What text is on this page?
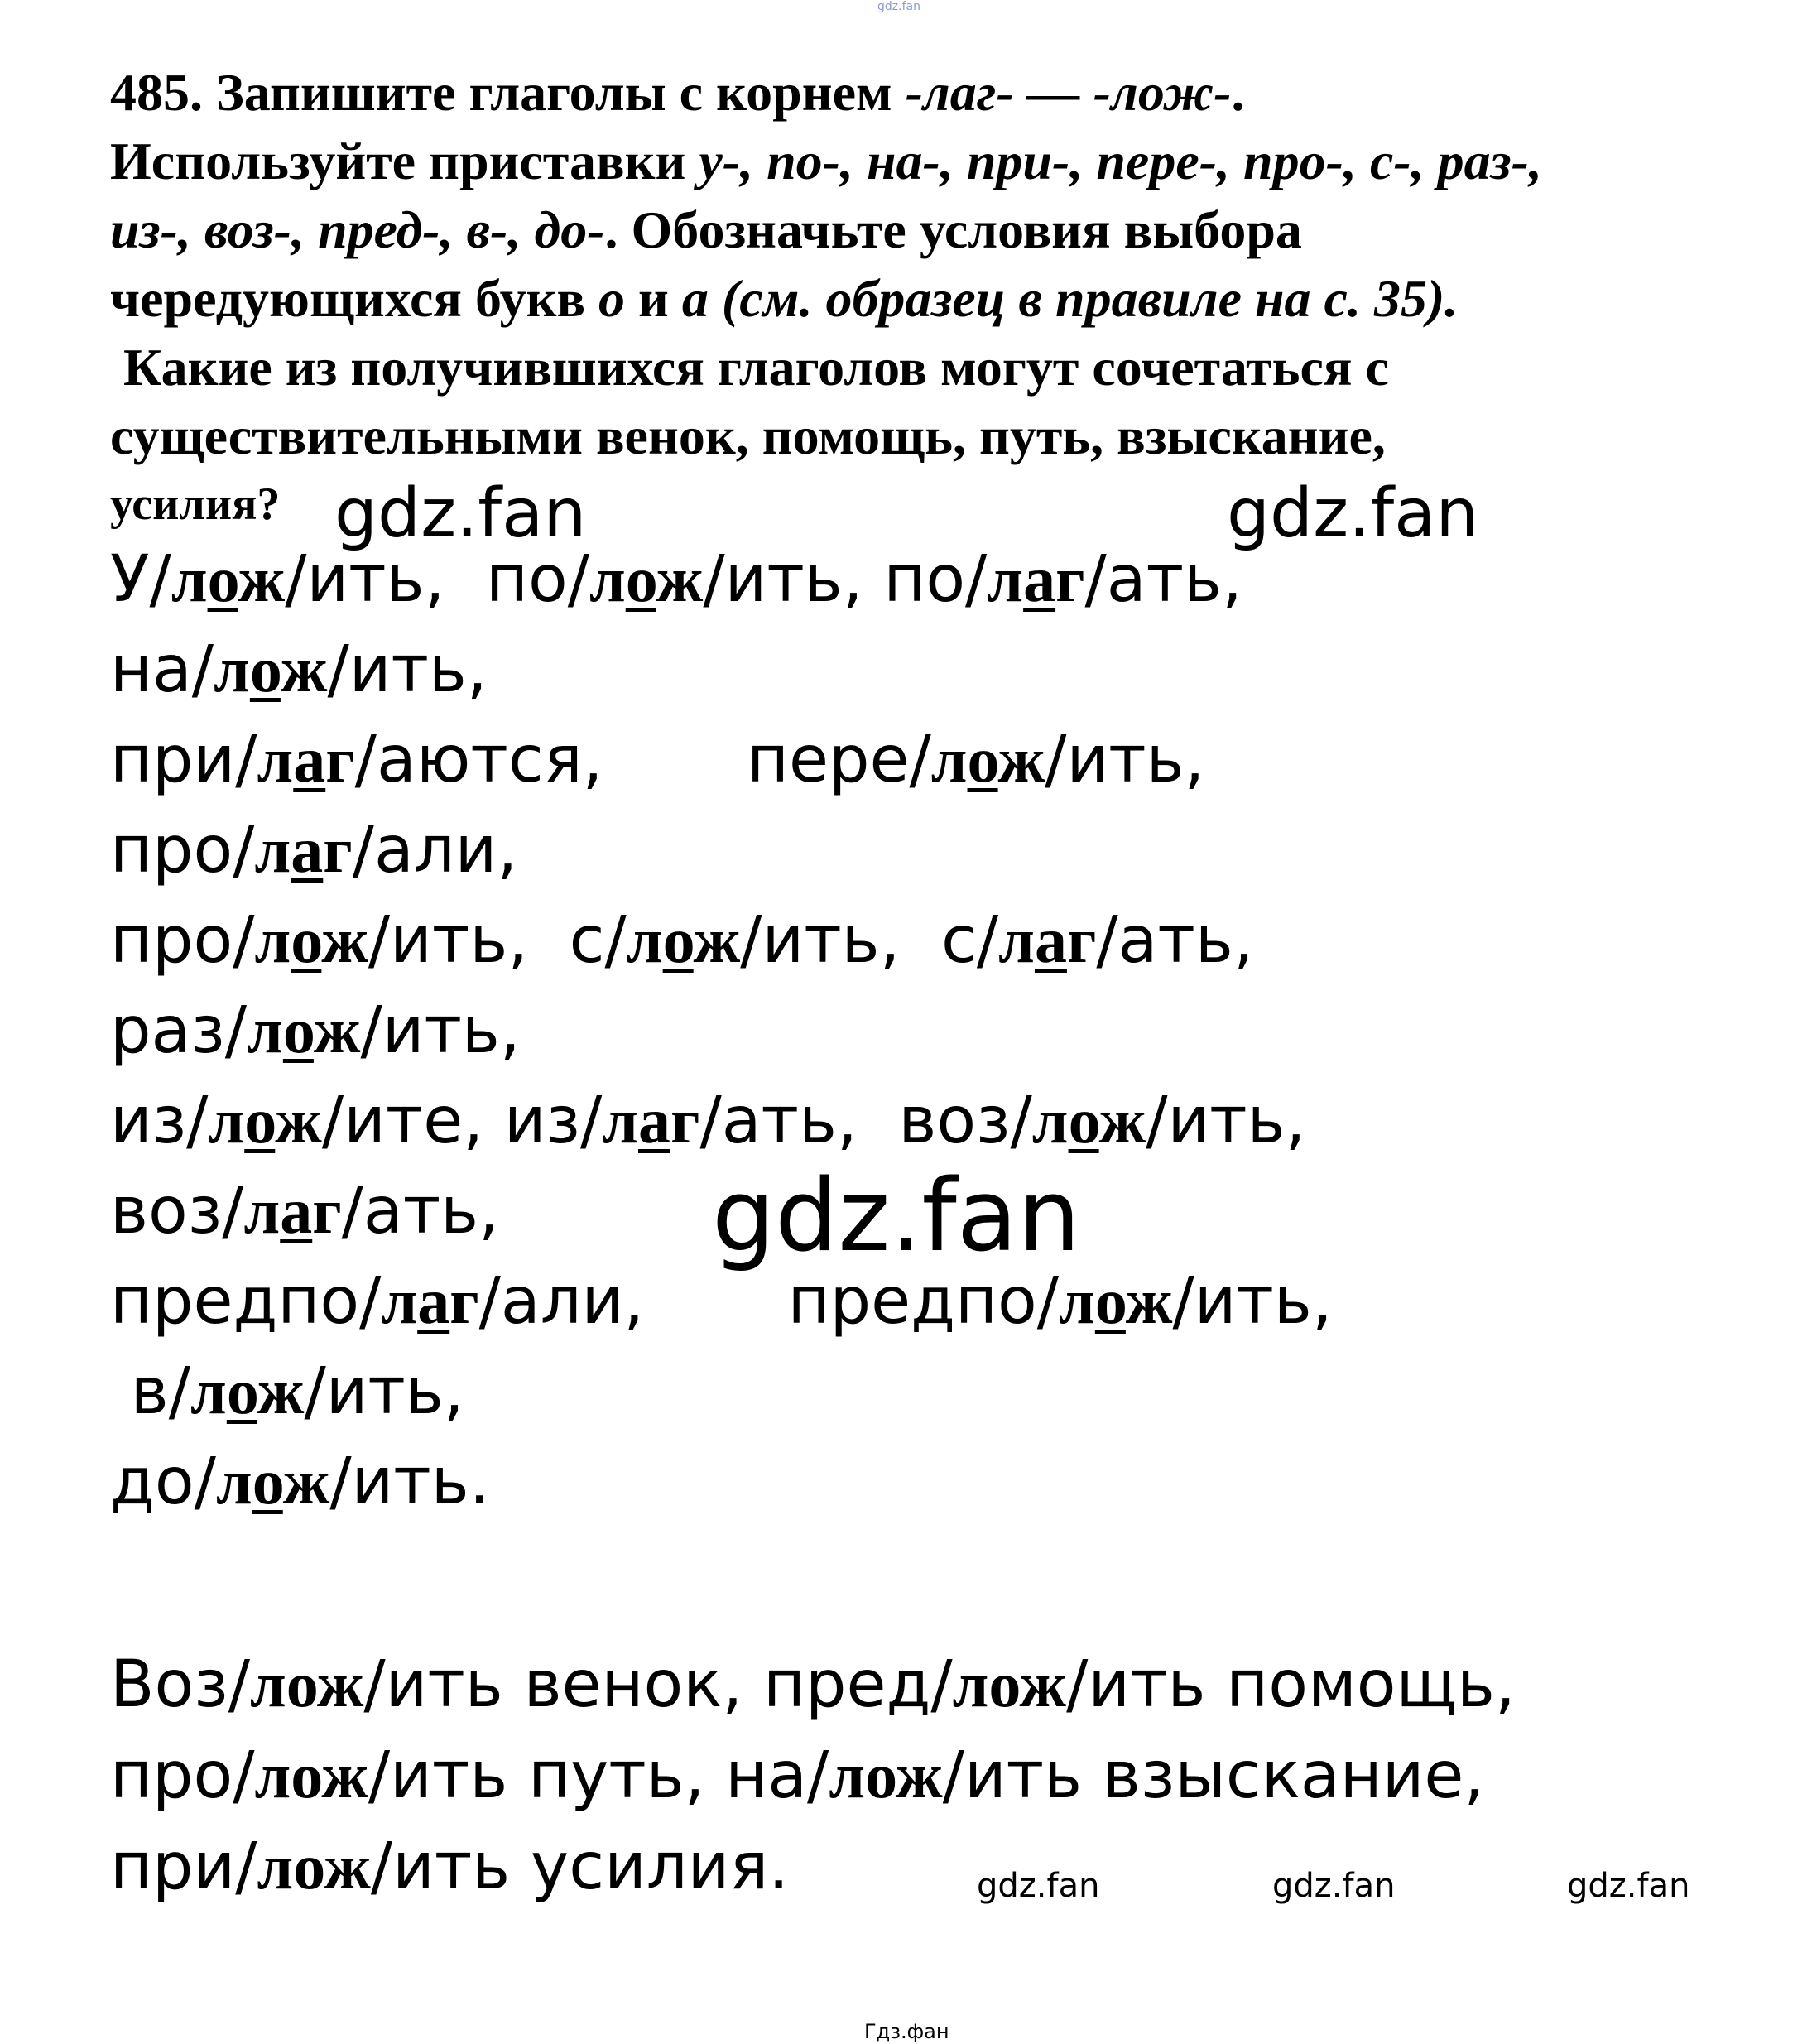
gdz.fan
485. Запишите глаголы с корнем -лаг- — -лож-.
Используйте приставки у-, по-, на-, при-, пере-, про-, с-, раз-,
из-, воз-, пред-, в-, до-. Обозначьте условия выбора
чередующихся букв о и а (см. образец в правиле на с. 35).
Какие из получившихся глаголов могут сочетаться с
существительными венок, помощь, путь, взыскание,
усилия? gdz.fan	gdz.fan
У/лож/ить,  по/лож/ить, по/лаг/ать,
на/лож/ить,
при/лаг/аются,       пере/лож/ить,
про/лаг/али,
про/лож/ить,  с/лож/ить,  с/лаг/ать,
раз/лож/ить,
из/лож/ите, из/лаг/ать,  воз/лож/ить,
воз/лаг/ать,
предпо/лаг/али,       предпо/лож/ить,
в/лож/ить,
до/лож/ить.
gdz.fan
Воз/лож/ить венок, пред/лож/ить помощь,
про/лож/ить путь, на/лож/ить взыскание,
при/лож/ить усилия.	gdz.fan	gdz.fan	gdz.fan
Гдз.фан
